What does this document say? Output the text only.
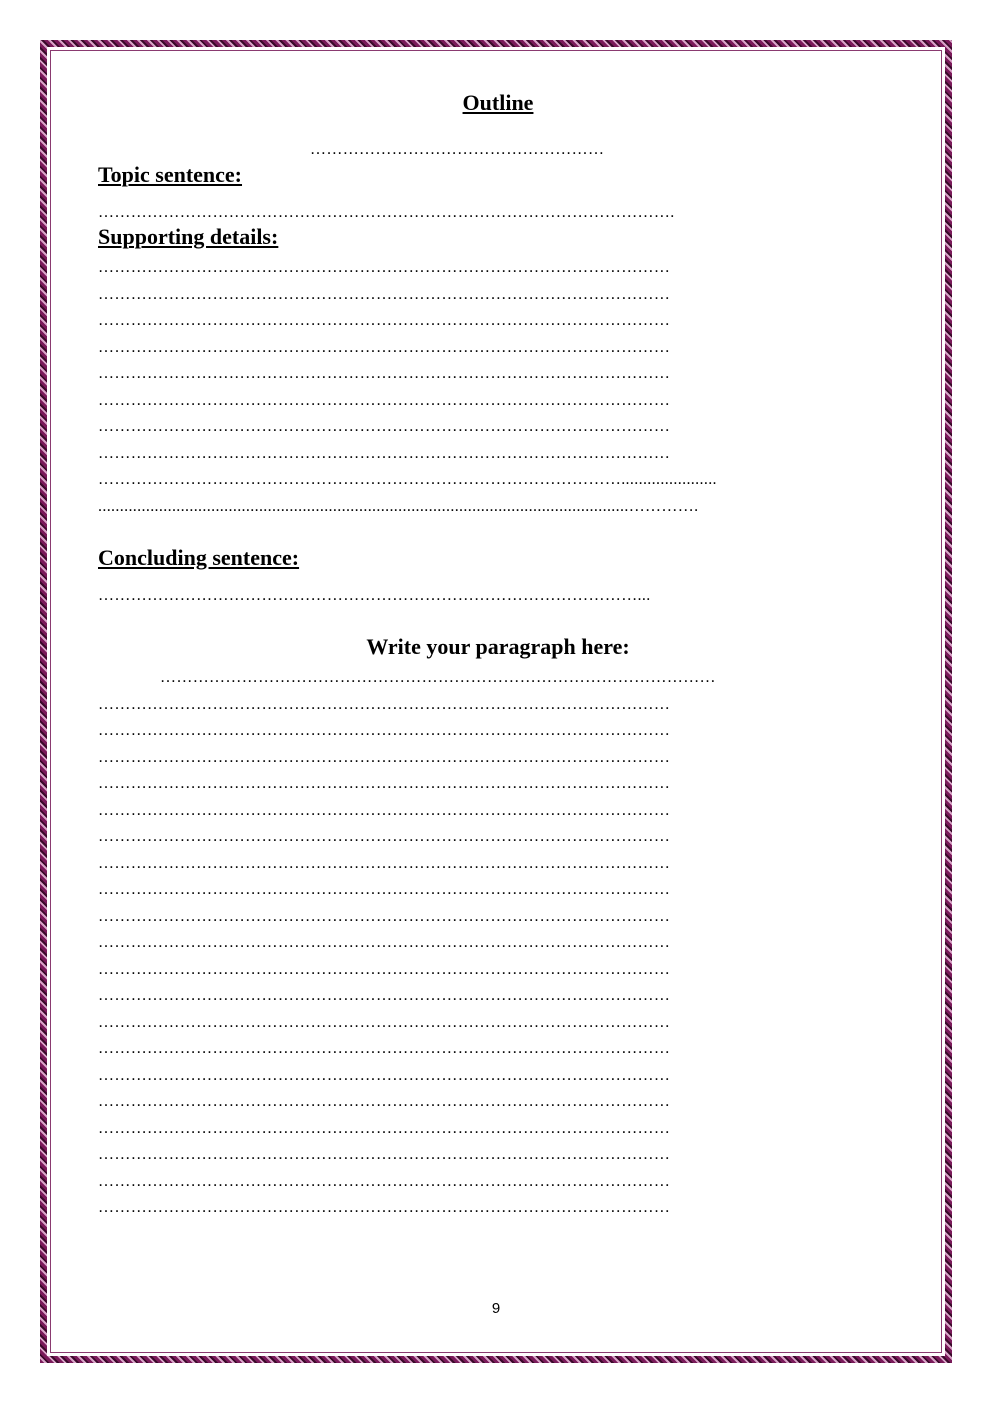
Outline
………………………………………………
Topic sentence:
…………………………………………………………………………………………….
Supporting details:
……………………………………………………………………………………………
……………………………………………………………………………………………
……………………………………………………………………………………………
……………………………………………………………………………………………
……………………………………………………………………………………………
……………………………………………………………………………………………
……………………………………………………………………………………………
……………………………………………………………………………………………
……………………………………………………………………………………......................
..........................................................................................................................………….
Concluding sentence:
………………………………………………………………………………………...
Write your paragraph here:
…………………………………………………………………………………………
……………………………………………………………………………………………
……………………………………………………………………………………………
……………………………………………………………………………………………
……………………………………………………………………………………………
……………………………………………………………………………………………
……………………………………………………………………………………………
……………………………………………………………………………………………
……………………………………………………………………………………………
……………………………………………………………………………………………
……………………………………………………………………………………………
……………………………………………………………………………………………
……………………………………………………………………………………………
……………………………………………………………………………………………
……………………………………………………………………………………………
……………………………………………………………………………………………
……………………………………………………………………………………………
……………………………………………………………………………………………
……………………………………………………………………………………………
……………………………………………………………………………………………
……………………………………………………………………………………………
9
